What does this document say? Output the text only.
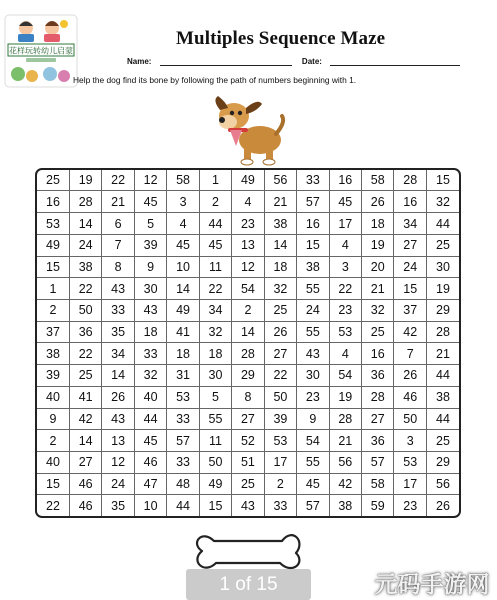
花样玩转幼儿启蒙
Multiples Sequence Maze
Name:	Date:
Help the dog find its bone by following the path of numbers beginning with 1.
25	19	22	12	58	1	49	56	33	16	58	28	15
16	28	21	45	3	2	4	21	57	45	26	16	32
53	14	6	5	4	44	23	38	16	17	18	34	44
49	24	7	39	45	45	13	14	15	4	19	27	25
15	38	8	9	10	11	12	18	38	3	20	24	30
1	22	43	30	14	22	54	32	55	22	21	15	19
2	50	33	43	49	34	2	25	24	23	32	37	29
37	36	35	18	41	32	14	26	55	53	25	42	28
38	22	34	33	18	18	28	27	43	4	16	7	21
39	25	14	32	31	30	29	22	30	54	36	26	44
40	41	26	40	53	5	8	50	23	19	28	46	38
9	42	43	44	33	55	27	39	9	28	27	50	44
2	14	13	45	57	11	52	53	54	21	36	3	25
40	27	12	46	33	50	51	17	55	56	57	53	29
15	46	24	47	48	49	25	2	45	42	58	17	56
22	46	35	10	44	15	43	33	57	38	59	23	26
1 of 15	元码手游网
